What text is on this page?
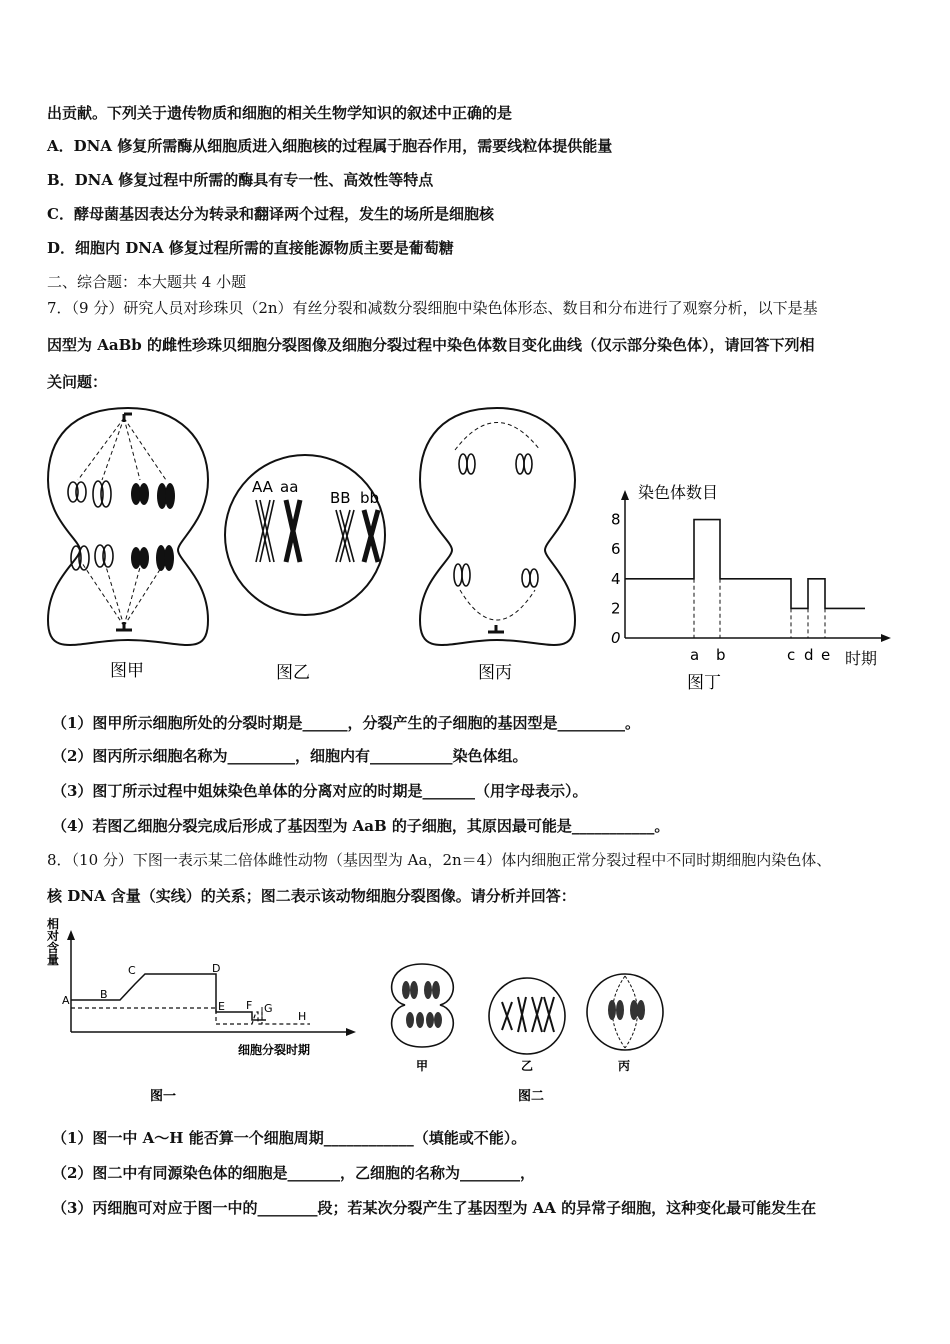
出贡献。下列关于遗传物质和细胞的相关生物学知识的叙述中正确的是
A．DNA 修复所需酶从细胞质进入细胞核的过程属于胞吞作用，需要线粒体提供能量
B．DNA 修复过程中所需的酶具有专一性、高效性等特点
C．酵母菌基因表达分为转录和翻译两个过程，发生的场所是细胞核
D．细胞内 DNA 修复过程所需的直接能源物质主要是葡萄糖
二、综合题：本大题共 4 小题
7．（9 分）研究人员对珍珠贝（2n）有丝分裂和减数分裂细胞中染色体形态、数目和分布进行了观察分析，以下是基
因型为 AaBb 的雌性珍珠贝细胞分裂图像及细胞分裂过程中染色体数目变化曲线（仅示部分染色体），请回答下列相
关问题：
AA aa
BB bb
图甲	图乙	图丙
0
2
4
6
8
a b	c d e
染色体数目
时期
图丁
（1）图甲所示细胞所处的分裂时期是______，分裂产生的子细胞的基因型是_________。
（2）图丙所示细胞名称为_________，细胞内有___________染色体组。
（3）图丁所示过程中姐妹染色单体的分离对应的时期是_______（用字母表示）。
（4）若图乙细胞分裂完成后形成了基因型为 AaB 的子细胞，其原因最可能是___________。
8．（10 分）下图一表示某二倍体雌性动物（基因型为 Aa，2n＝4）体内细胞正常分裂过程中不同时期细胞内染色体、
核 DNA 含量（实线）的关系；图二表示该动物细胞分裂图像。请分析并回答：
相
对
含
量
A	B
C	D
E F G
H
细胞分裂时期
图一
甲	乙	丙
图二
（1）图一中 A～H 能否算一个细胞周期____________（填能或不能）。
（2）图二中有同源染色体的细胞是_______，乙细胞的名称为________，
（3）丙细胞可对应于图一中的________段；若某次分裂产生了基因型为 AA 的异常子细胞，这种变化最可能发生在
